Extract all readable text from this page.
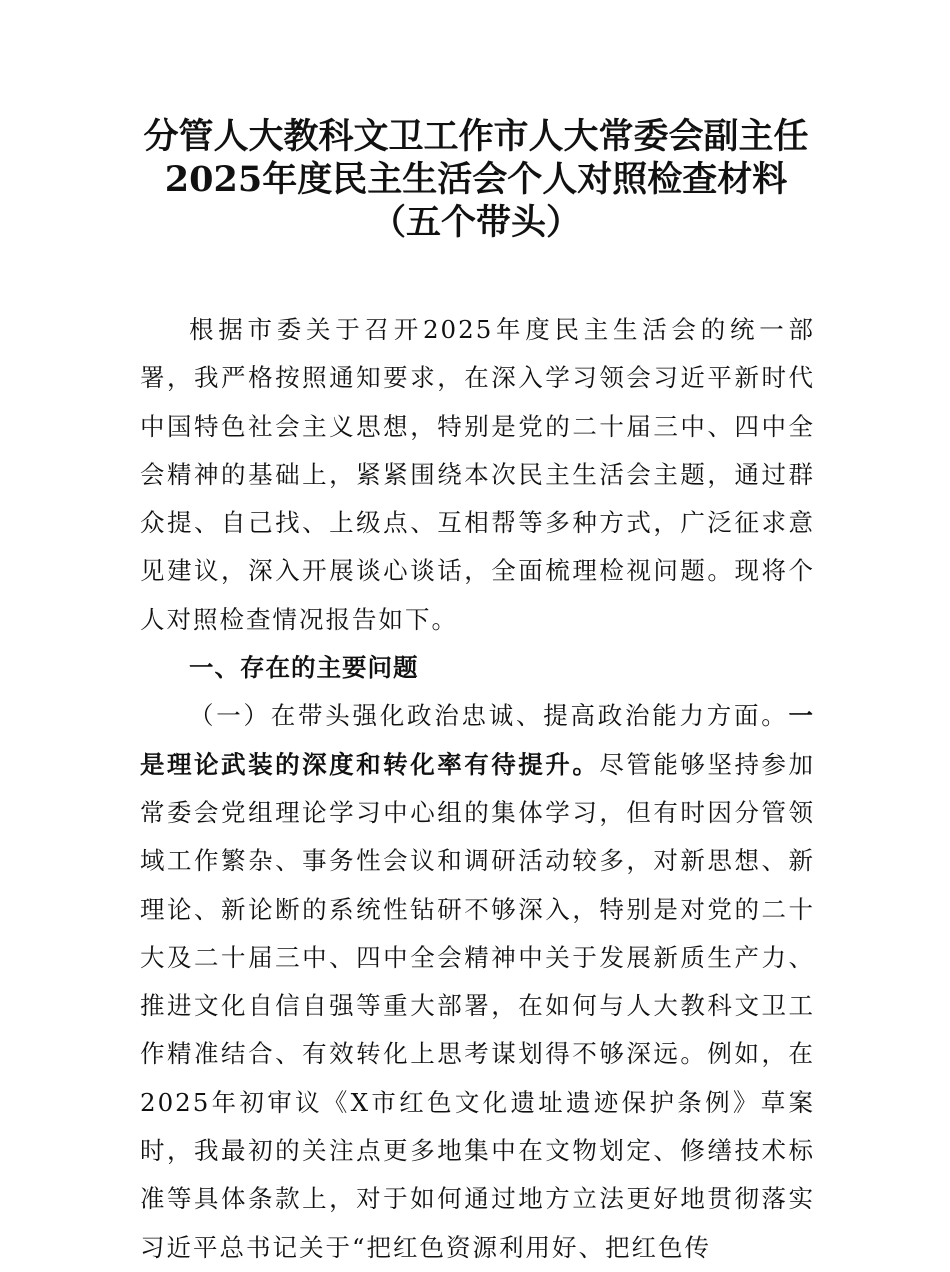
分管人大教科文卫工作市人大常委会副主任2025年度民主生活会个人对照检查材料（五个带头）

根据市委关于召开2025年度民主生活会的统一部署，我严格按照通知要求，在深入学习领会习近平新时代中国特色社会主义思想，特别是党的二十届三中、四中全会精神的基础上，紧紧围绕本次民主生活会主题，通过群众提、自己找、上级点、互相帮等多种方式，广泛征求意见建议，深入开展谈心谈话，全面梳理检视问题。现将个人对照检查情况报告如下。

一、存在的主要问题

（一）在带头强化政治忠诚、提高政治能力方面。一是理论武装的深度和转化率有待提升。尽管能够坚持参加常委会党组理论学习中心组的集体学习，但有时因分管领域工作繁杂、事务性会议和调研活动较多，对新思想、新理论、新论断的系统性钻研不够深入，特别是对党的二十大及二十届三中、四中全会精神中关于发展新质生产力、推进文化自信自强等重大部署，在如何与人大教科文卫工作精准结合、有效转化上思考谋划得不够深远。例如，在2025年初审议《X市红色文化遗址遗迹保护条例》草案时，我最初的关注点更多地集中在文物划定、修缮技术标准等具体条款上，对于如何通过地方立法更好地贯彻落实习近平总书记关于“把红色资源利用好、把红色传
